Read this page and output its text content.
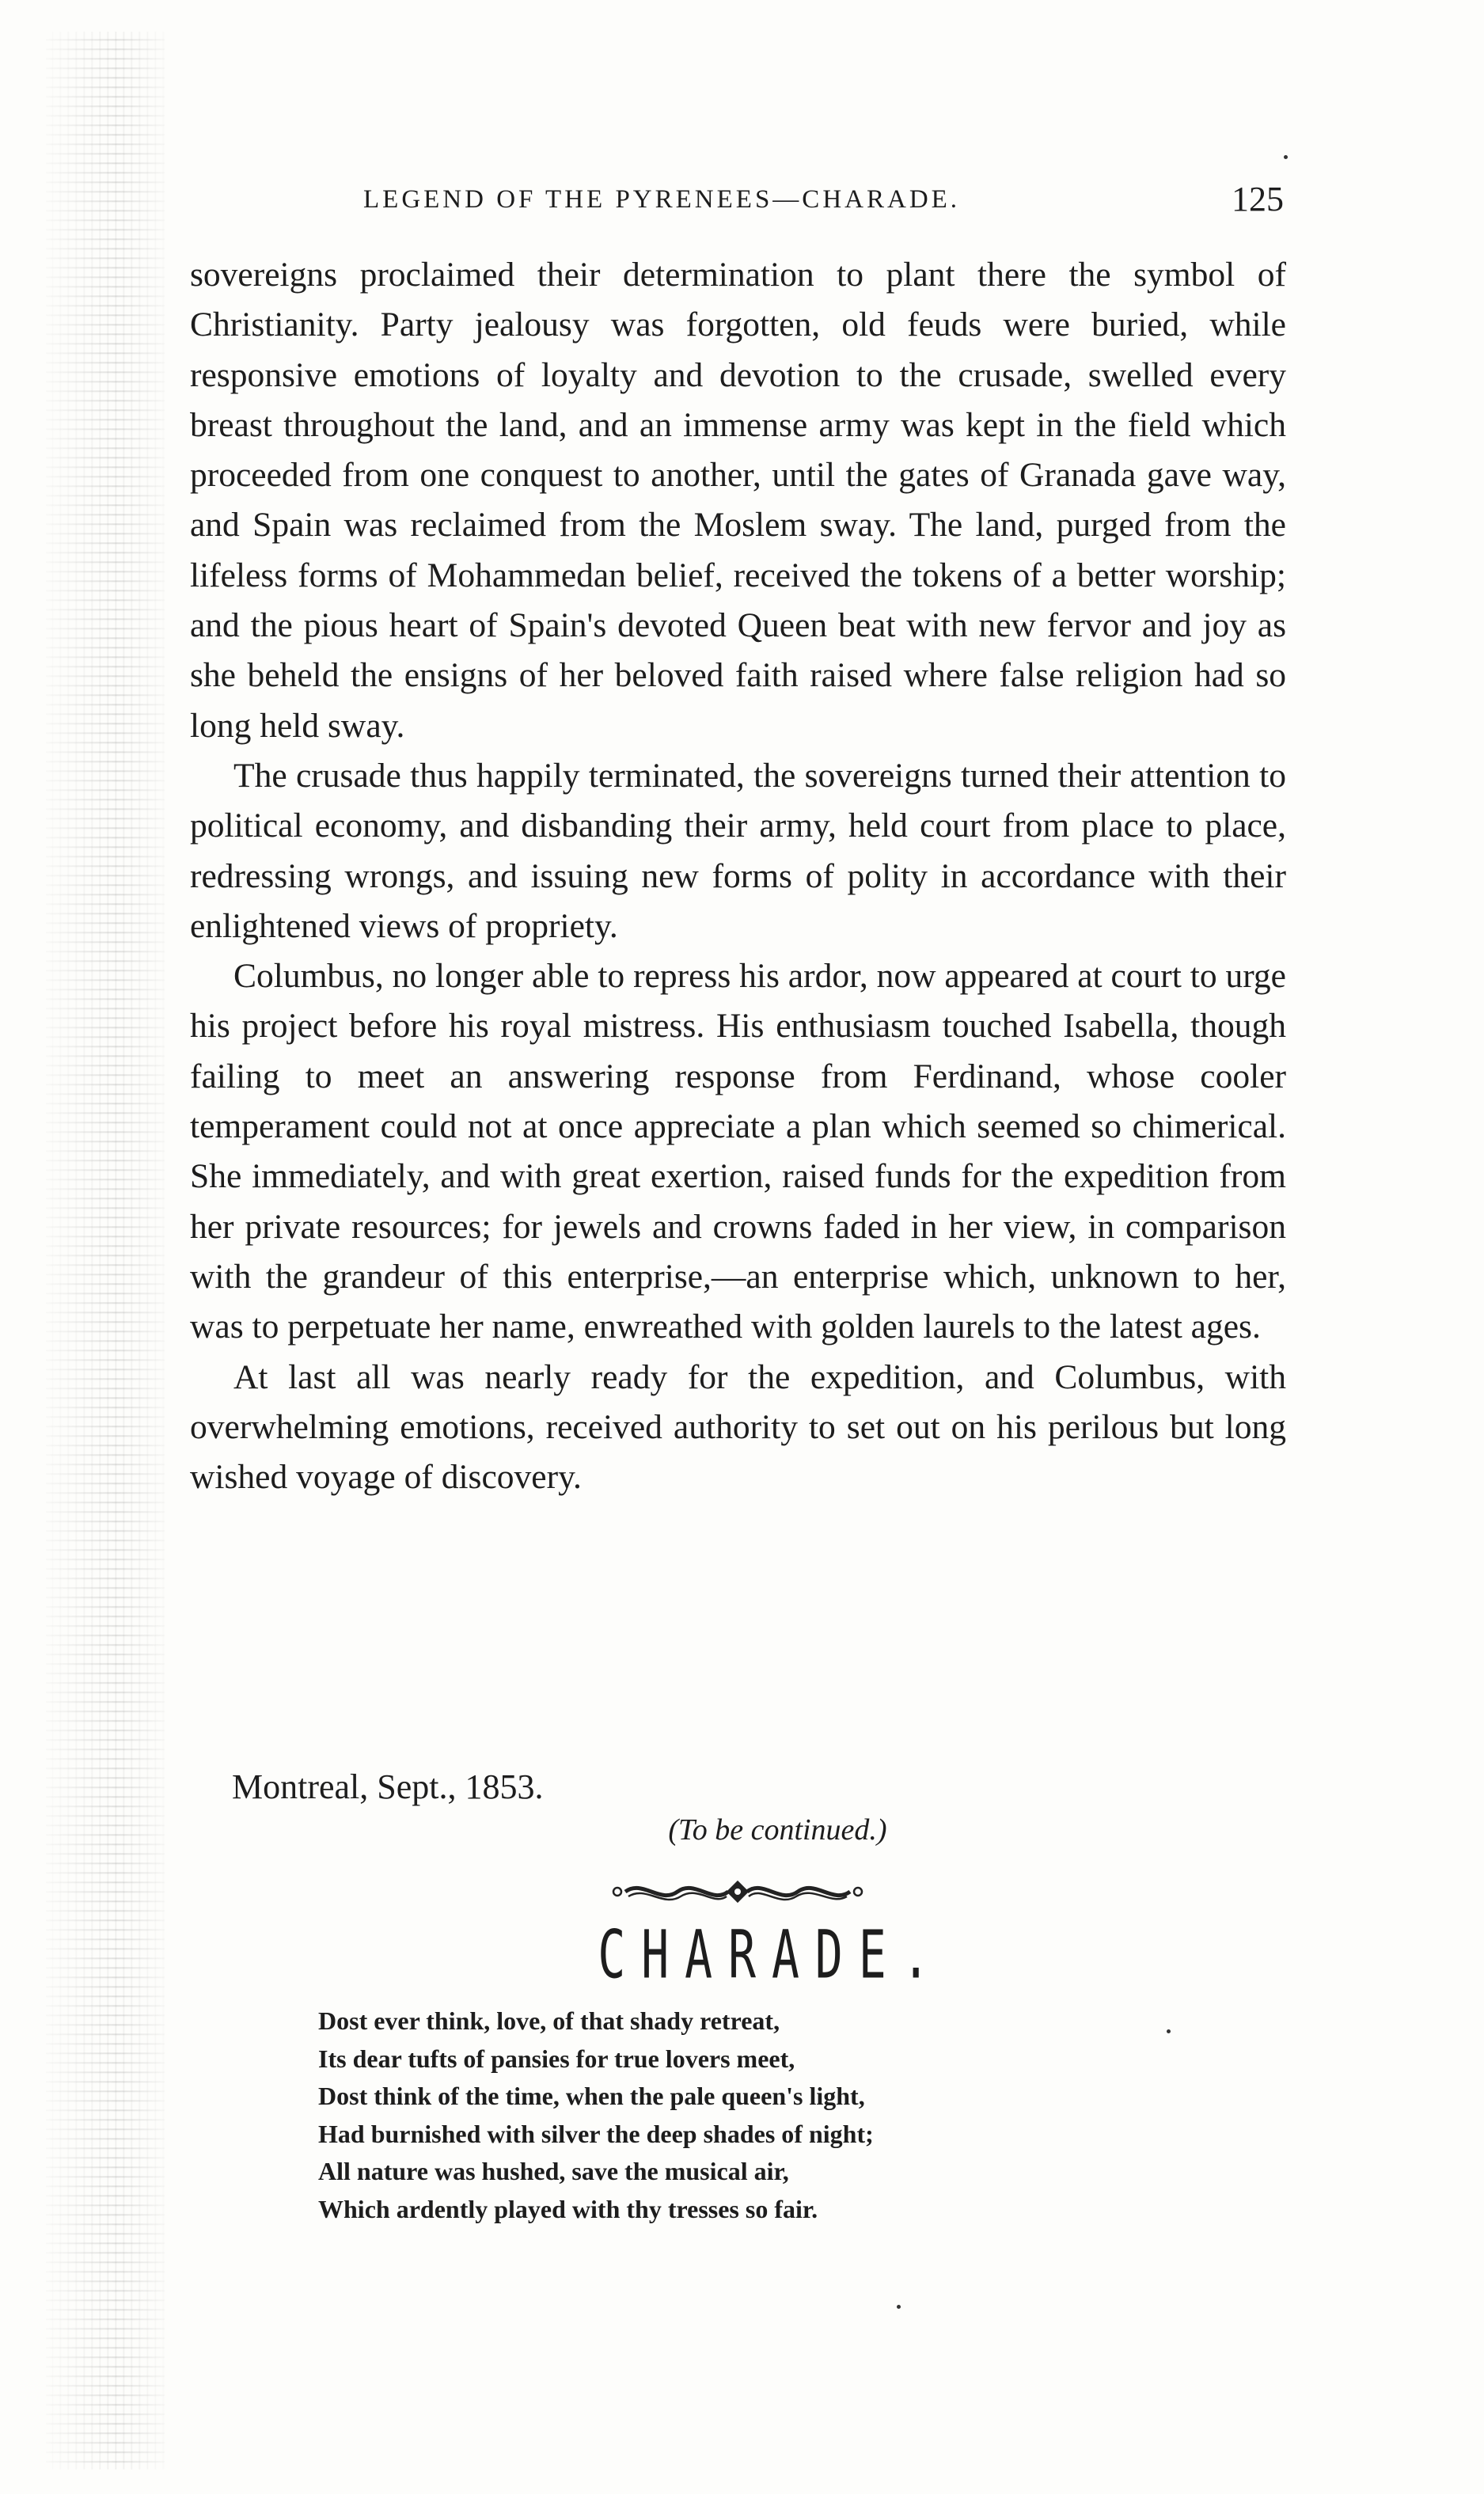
LEGEND OF THE PYRENEES—CHARADE.	125

sovereigns proclaimed their determination to plant there the symbol of Christianity. Party jealousy was forgotten, old feuds were buried, while responsive emotions of loyalty and devotion to the crusade, swelled every breast throughout the land, and an immense army was kept in the field which proceeded from one conquest to another, until the gates of Granada gave way, and Spain was reclaimed from the Moslem sway. The land, purged from the lifeless forms of Mohammedan belief, received the tokens of a better worship; and the pious heart of Spain's devoted Queen beat with new fervor and joy as she beheld the ensigns of her beloved faith raised where false religion had so long held sway.

The crusade thus happily terminated, the sovereigns turned their attention to political economy, and disbanding their army, held court from place to place, redressing wrongs, and issuing new forms of polity in accordance with their enlightened views of propriety.

Columbus, no longer able to repress his ardor, now appeared at court to urge his project before his royal mistress. His enthusiasm touched Isabella, though failing to meet an answering response from Ferdinand, whose cooler temperament could not at once appreciate a plan which seemed so chimerical. She immediately, and with great exertion, raised funds for the expedition from her private resources; for jewels and crowns faded in her view, in comparison with the grandeur of this enterprise,—an enterprise which, unknown to her, was to perpetuate her name, enwreathed with golden laurels to the latest ages.

At last all was nearly ready for the expedition, and Columbus, with overwhelming emotions, received authority to set out on his perilous but long wished voyage of discovery.

Montreal, Sept., 1853.
(To be continued.)
CHARADE.
Dost ever think, love, of that shady retreat,
Its dear tufts of pansies for true lovers meet,
Dost think of the time, when the pale queen's light,
Had burnished with silver the deep shades of night;
All nature was hushed, save the musical air,
Which ardently played with thy tresses so fair.
